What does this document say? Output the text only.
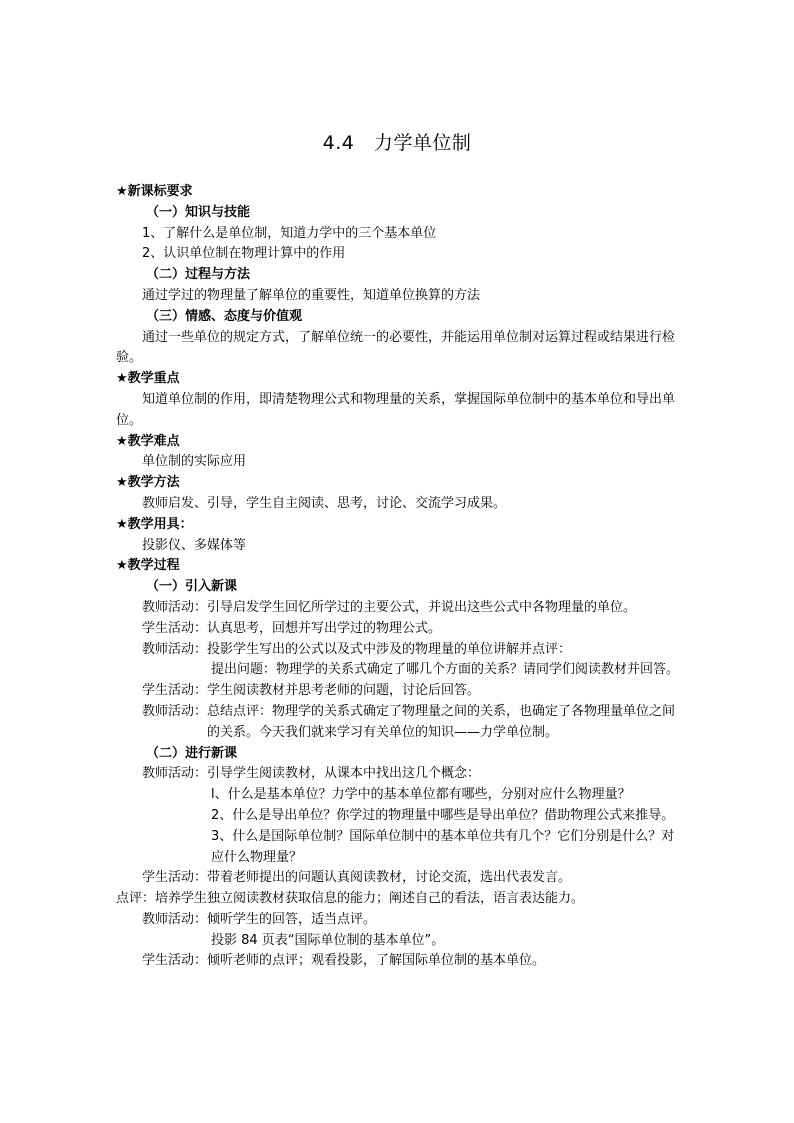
4.4　力学单位制
★新课标要求
（一）知识与技能
1、了解什么是单位制，知道力学中的三个基本单位
2、认识单位制在物理计算中的作用
（二）过程与方法
通过学过的物理量了解单位的重要性，知道单位换算的方法
（三）情感、态度与价值观
通过一些单位的规定方式，了解单位统一的必要性，并能运用单位制对运算过程或结果进行检验。
★教学重点
知道单位制的作用，即清楚物理公式和物理量的关系，掌握国际单位制中的基本单位和导出单位。
★教学难点
单位制的实际应用
★教学方法
教师启发、引导，学生自主阅读、思考，讨论、交流学习成果。
★教学用具：
投影仪、多媒体等
★教学过程
（一）引入新课
教师活动： 引导启发学生回忆所学过的主要公式，并说出这些公式中各物理量的单位。
学生活动： 认真思考，回想并写出学过的物理公式。
教师活动： 投影学生写出的公式以及式中涉及的物理量的单位讲解并点评：
提出问题：物理学的关系式确定了哪几个方面的关系？请同学们阅读教材并回答。
学生活动： 学生阅读教材并思考老师的问题，讨论后回答。
教师活动： 总结点评：物理学的关系式确定了物理量之间的关系，也确定了各物理量单位之间的关系。今天我们就来学习有关单位的知识——力学单位制。
（二）进行新课
教师活动： 引导学生阅读教材，从课本中找出这几个概念：
l、什么是基本单位？力学中的基本单位都有哪些，分别对应什么物理量？
2、什么是导出单位？你学过的物理量中哪些是导出单位？借助物理公式来推导。
3、什么是国际单位制？国际单位制中的基本单位共有几个？它们分别是什么？对应什么物理量？
学生活动： 带着老师提出的问题认真阅读教材，讨论交流，选出代表发言。
点评：培养学生独立阅读教材获取信息的能力；阐述自己的看法，语言表达能力。
教师活动： 倾听学生的回答，适当点评。
投影 84 页表“国际单位制的基本单位”。
学生活动： 倾听老师的点评；观看投影，了解国际单位制的基本单位。
